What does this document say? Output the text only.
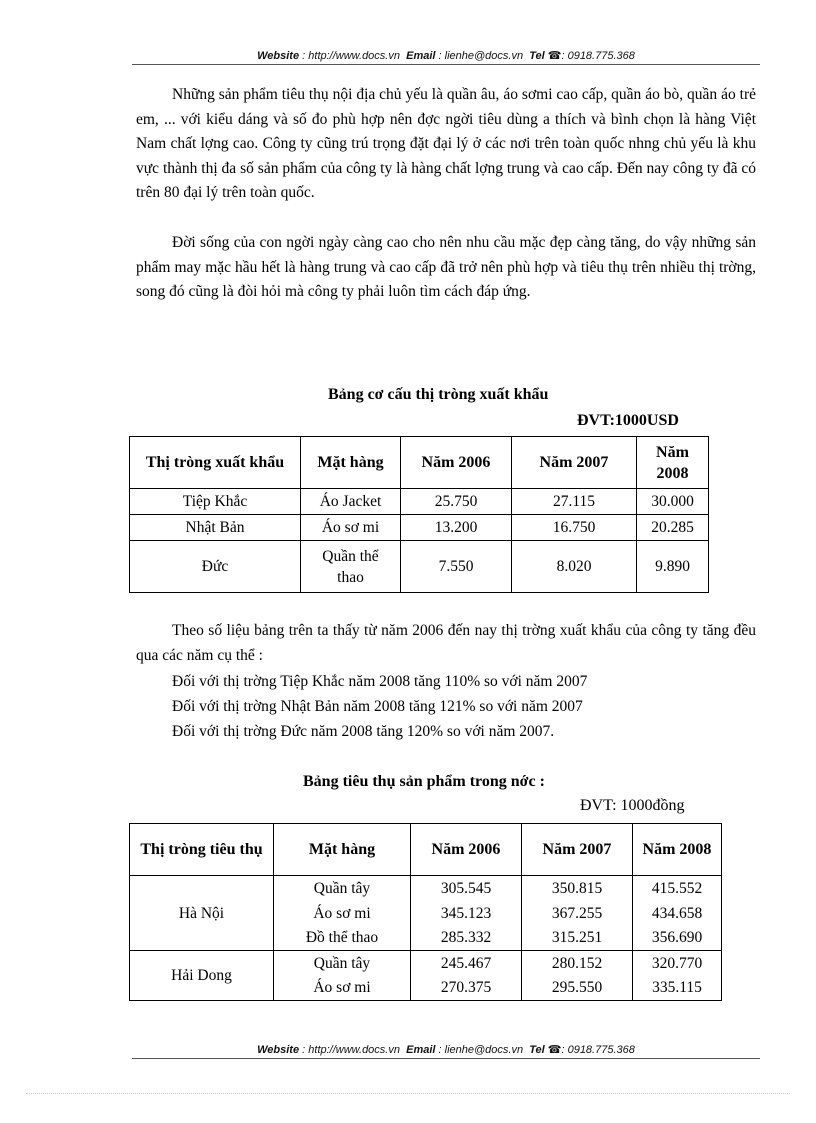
Website : http://www.docs.vn Email : lienhe@docs.vn Tel ☎: 0918.775.368

Những sản phẩm tiêu thụ nội địa chủ yếu là quần âu, áo sơmi cao cấp, quần áo bò, quần áo trẻ em, ... với kiểu dáng và số đo phù hợp nên đợc ngời tiêu dùng a thích và bình chọn là hàng Việt Nam chất lợng cao. Công ty cũng trú trọng đặt đại lý ở các nơi trên toàn quốc nhng chủ yếu là khu vực thành thị đa số sản phẩm của công ty là hàng chất lợng trung và cao cấp. Đến nay công ty đã có trên 80 đại lý trên toàn quốc.

Đời sống của con ngời ngày càng cao cho nên nhu cầu mặc đẹp càng tăng, do vậy những sản phẩm may mặc hầu hết là hàng trung và cao cấp đã trở nên phù hợp và tiêu thụ trên nhiều thị trờng, song đó cũng là đòi hỏi mà công ty phải luôn tìm cách đáp ứng.

Bảng cơ cấu thị tròng xuất khẩu
ĐVT:1000USD
Thị tròng xuất khẩu	Mặt hàng	Năm 2006	Năm 2007	Năm 2008
Tiệp Khắc	Áo Jacket	25.750	27.115	30.000
Nhật Bản	Áo sơ mi	13.200	16.750	20.285
Đức	Quần thể thao	7.550	8.020	9.890

Theo số liệu bảng trên ta thấy từ năm 2006 đến nay thị trờng xuất khẩu của công ty tăng đều qua các năm cụ thể :

Đối với thị trờng Tiệp Khắc năm 2008 tăng 110% so với năm 2007
Đối với thị trờng Nhật Bản năm 2008 tăng 121% so với năm 2007
Đối với thị trờng Đức năm 2008 tăng 120% so với năm 2007.
Bảng tiêu thụ sản phẩm trong nớc :
ĐVT: 1000đồng
Thị tròng tiêu thụ	Mặt hàng	Năm 2006	Năm 2007	Năm 2008
Hà Nội	Quần tây	305.545	350.815	415.552
	Áo sơ mi	345.123	367.255	434.658
	Đồ thể thao	285.332	315.251	356.690
Hải Dong	Quần tây	245.467	280.152	320.770
	Áo sơ mi	270.375	295.550	335.115
Website : http://www.docs.vn Email : lienhe@docs.vn Tel ☎: 0918.775.368
